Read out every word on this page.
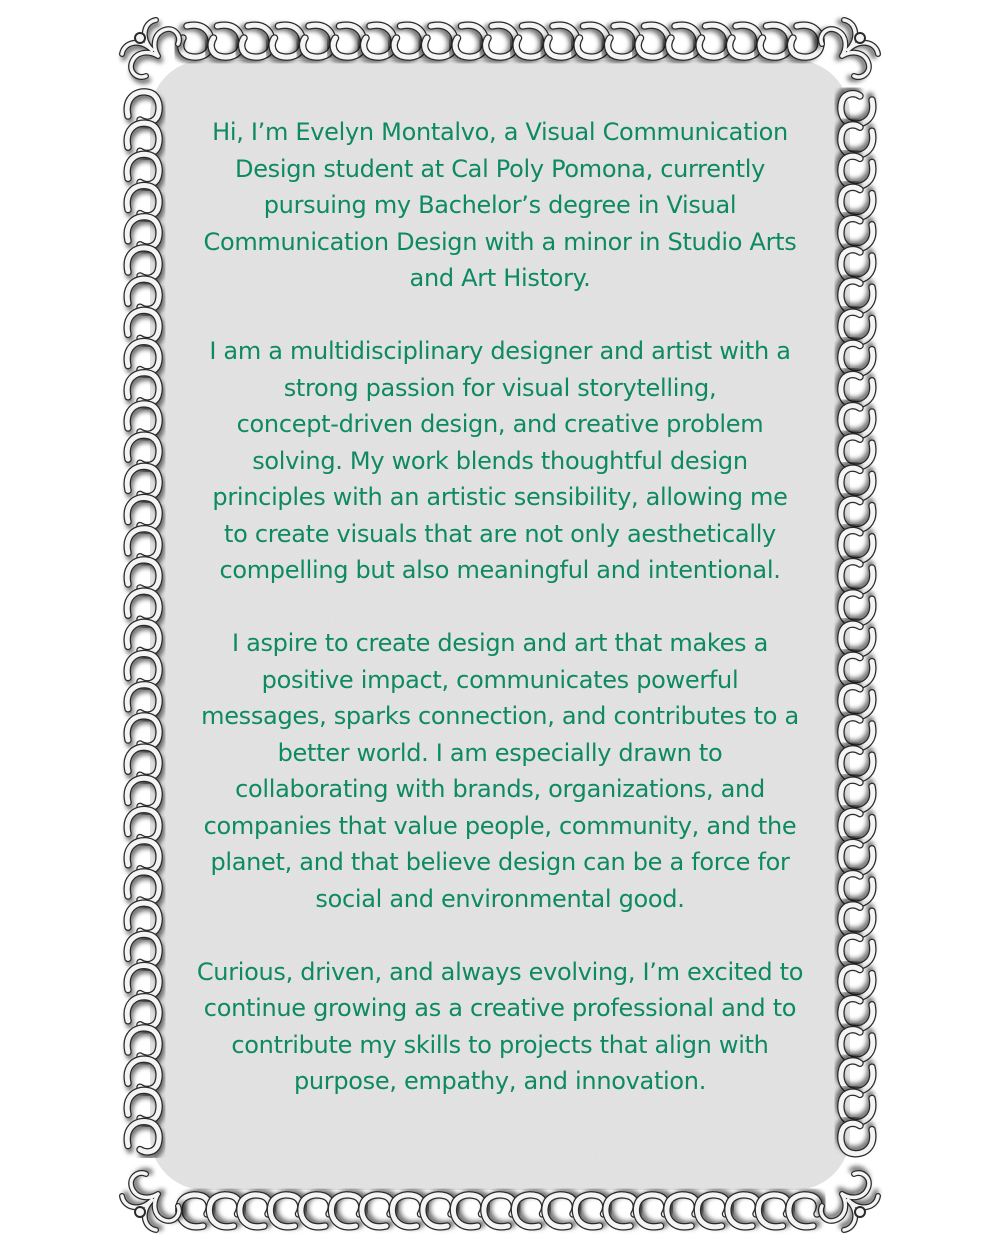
Hi, I’m Evelyn Montalvo, a Visual Communication
Design student at Cal Poly Pomona, currently
pursuing my Bachelor’s degree in Visual
Communication Design with a minor in Studio Arts
and Art History.

I am a multidisciplinary designer and artist with a
strong passion for visual storytelling,
concept-driven design, and creative problem
solving. My work blends thoughtful design
principles with an artistic sensibility, allowing me
to create visuals that are not only aesthetically
compelling but also meaningful and intentional.

I aspire to create design and art that makes a
positive impact, communicates powerful
messages, sparks connection, and contributes to a
better world. I am especially drawn to
collaborating with brands, organizations, and
companies that value people, community, and the
planet, and that believe design can be a force for
social and environmental good.

Curious, driven, and always evolving, I’m excited to
continue growing as a creative professional and to
contribute my skills to projects that align with
purpose, empathy, and innovation.
